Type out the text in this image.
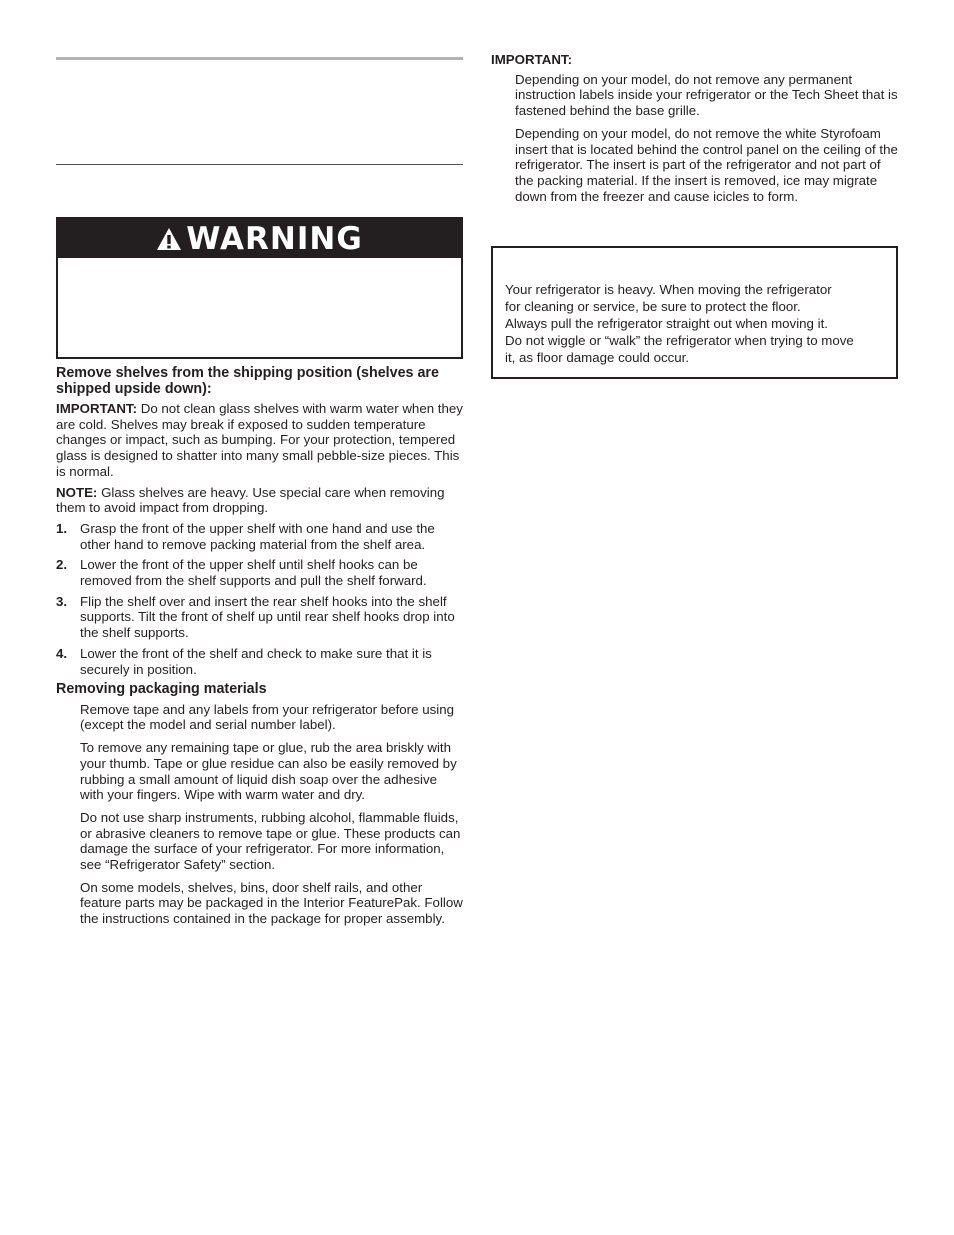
WARNING

Remove shelves from the shipping position (shelves are shipped upside down):

IMPORTANT: Do not clean glass shelves with warm water when they are cold. Shelves may break if exposed to sudden temperature changes or impact, such as bumping. For your protection, tempered glass is designed to shatter into many small pebble-size pieces. This is normal.

NOTE: Glass shelves are heavy. Use special care when removing them to avoid impact from dropping.

1. Grasp the front of the upper shelf with one hand and use the other hand to remove packing material from the shelf area.
2. Lower the front of the upper shelf until shelf hooks can be removed from the shelf supports and pull the shelf forward.
3. Flip the shelf over and insert the rear shelf hooks into the shelf supports. Tilt the front of shelf up until rear shelf hooks drop into the shelf supports.
4. Lower the front of the shelf and check to make sure that it is securely in position.

Removing packaging materials

Remove tape and any labels from your refrigerator before using (except the model and serial number label).

To remove any remaining tape or glue, rub the area briskly with your thumb. Tape or glue residue can also be easily removed by rubbing a small amount of liquid dish soap over the adhesive with your fingers. Wipe with warm water and dry.

Do not use sharp instruments, rubbing alcohol, flammable fluids, or abrasive cleaners to remove tape or glue. These products can damage the surface of your refrigerator. For more information, see “Refrigerator Safety” section.

On some models, shelves, bins, door shelf rails, and other feature parts may be packaged in the Interior FeaturePak. Follow the instructions contained in the package for proper assembly.

IMPORTANT:

Depending on your model, do not remove any permanent instruction labels inside your refrigerator or the Tech Sheet that is fastened behind the base grille.

Depending on your model, do not remove the white Styrofoam insert that is located behind the control panel on the ceiling of the refrigerator. The insert is part of the refrigerator and not part of the packing material. If the insert is removed, ice may migrate down from the freezer and cause icicles to form.

Your refrigerator is heavy. When moving the refrigerator
for cleaning or service, be sure to protect the floor.
Always pull the refrigerator straight out when moving it.
Do not wiggle or “walk” the refrigerator when trying to move
it, as floor damage could occur.
